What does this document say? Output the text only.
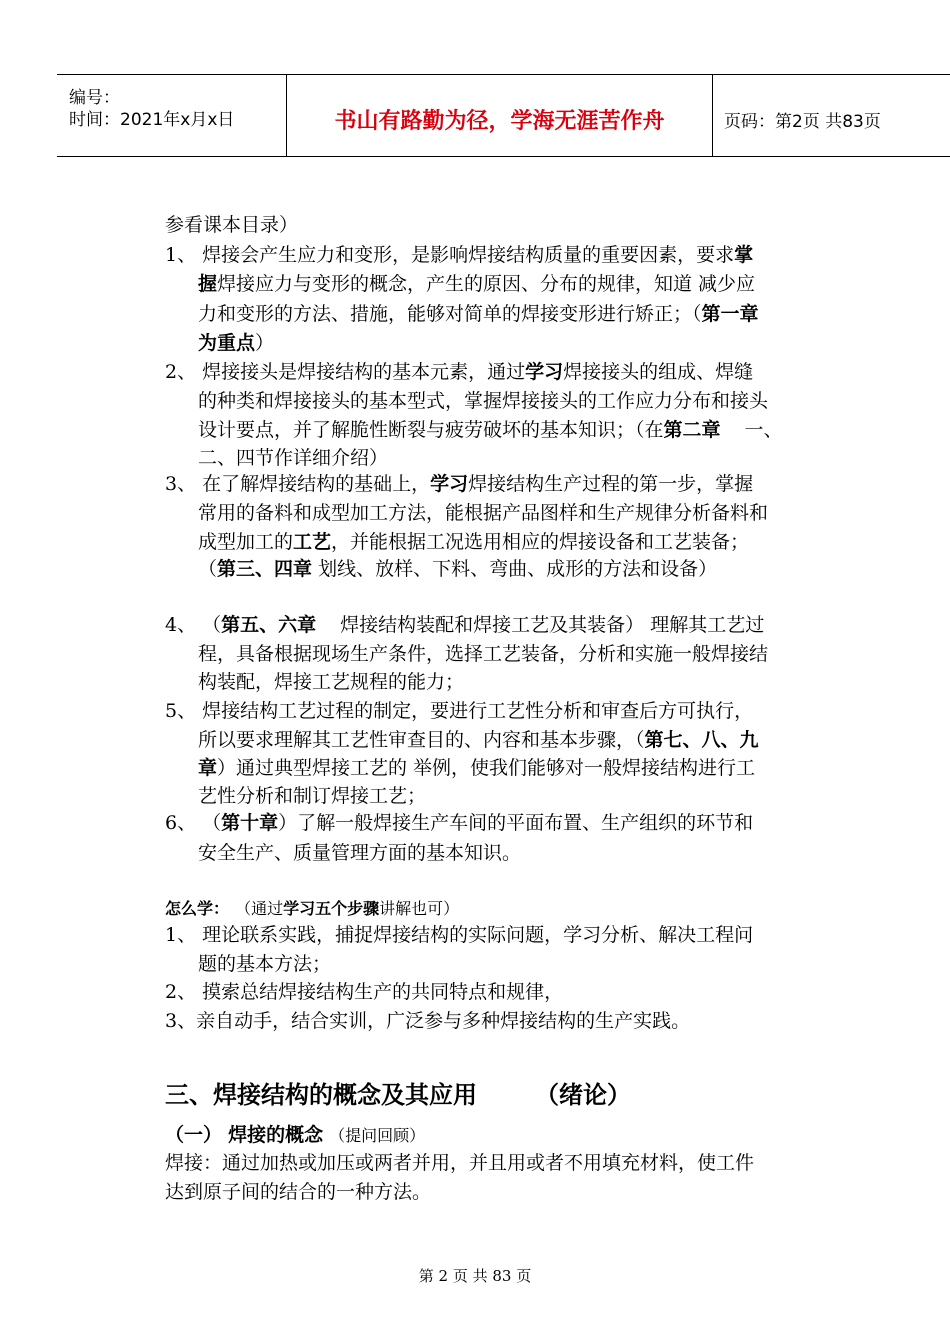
编号：
时间：2021年x月x日	书山有路勤为径，学海无涯苦作舟	页码：第2页 共83页
参看课本目录）
1、 焊接会产生应力和变形，是影响焊接结构质量的重要因素，要求掌
握焊接应力与变形的概念，产生的原因、分布的规律，知道 减少应
力和变形的方法、措施，能够对简单的焊接变形进行矫正；（第一章
为重点）
2、 焊接接头是焊接结构的基本元素，通过学习焊接接头的组成、焊缝
的种类和焊接接头的基本型式，掌握焊接接头的工作应力分布和接头
设计要点，并了解脆性断裂与疲劳破坏的基本知识；（在第二章 一、
二、四节作详细介绍）
3、 在了解焊接结构的基础上，学习焊接结构生产过程的第一步，掌握
常用的备料和成型加工方法，能根据产品图样和生产规律分析备料和
成型加工的工艺，并能根据工况选用相应的焊接设备和工艺装备；
（第三、四章 划线、放样、下料、弯曲、成形的方法和设备）
4、 （第五、六章 焊接结构装配和焊接工艺及其装备） 理解其工艺过
程，具备根据现场生产条件，选择工艺装备，分析和实施一般焊接结
构装配，焊接工艺规程的能力；
5、 焊接结构工艺过程的制定，要进行工艺性分析和审查后方可执行，
所以要求理解其工艺性审查目的、内容和基本步骤，（第七、八、九
章）通过典型焊接工艺的 举例，使我们能够对一般焊接结构进行工
艺性分析和制订焊接工艺；
6、 （第十章）了解一般焊接生产车间的平面布置、生产组织的环节和
安全生产、质量管理方面的基本知识。
怎么学： （通过学习五个步骤讲解也可）
1、 理论联系实践，捕捉焊接结构的实际问题，学习分析、解决工程问
题的基本方法；
2、 摸索总结焊接结构生产的共同特点和规律，
3、亲自动手，结合实训，广泛参与多种焊接结构的生产实践。
三、焊接结构的概念及其应用 （绪论）
（一） 焊接的概念 （提问回顾）
焊接：通过加热或加压或两者并用，并且用或者不用填充材料，使工件
达到原子间的结合的一种方法。
第 2 页 共 83 页
